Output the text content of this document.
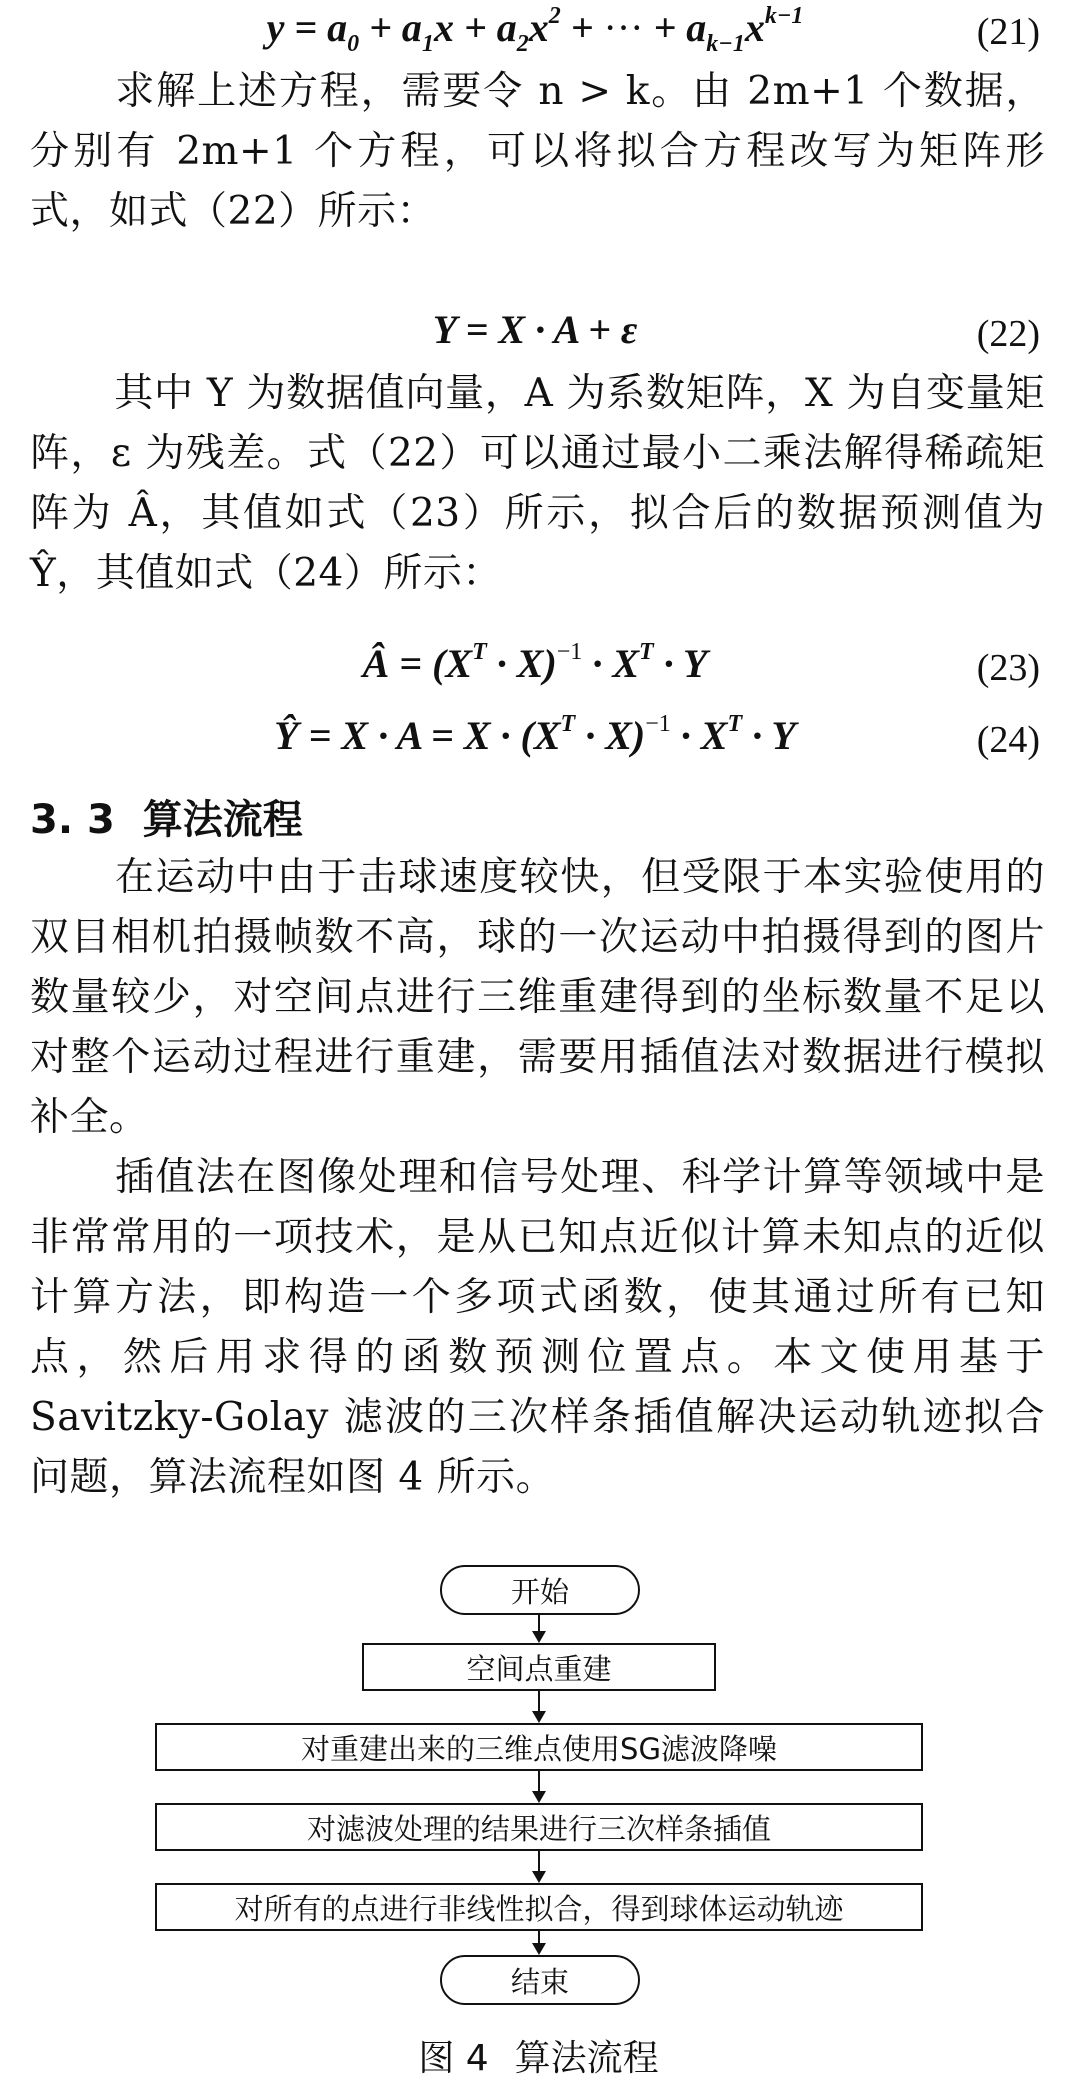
$y = a_0 + a_1x + a_2x^2$ + ··· + $a_{k-1}x^{k-1}$	(21)

求解上述方程，需要令 n > k。由 2m+1 个数据，分别有 2m+1 个方程，可以将拟合方程改写为矩阵形式，如式（22）所示：

Y = X · A + ε	(22)

其中 Y 为数据值向量，A 为系数矩阵，X 为自变量矩阵，ε 为残差。式（22）可以通过最小二乘法解得稀疏矩阵为 Â，其值如式（23）所示，拟合后的数据预测值为 Ŷ，其值如式（24）所示：

Â = $(X^T \cdot X)^{-1} \cdot X^T \cdot Y$	(23)
Ŷ = $X \cdot A = X \cdot (X^T \cdot X)^{-1} \cdot X^T \cdot Y$	(24)
3. 3 算法流程

在运动中由于击球速度较快，但受限于本实验使用的双目相机拍摄帧数不高，球的一次运动中拍摄得到的图片数量较少，对空间点进行三维重建得到的坐标数量不足以对整个运动过程进行重建，需要用插值法对数据进行模拟补全。

插值法在图像处理和信号处理、科学计算等领域中是非常常用的一项技术，是从已知点近似计算未知点的近似计算方法，即构造一个多项式函数，使其通过所有已知点，然后用求得的函数预测位置点。本文使用基于 Savitzky-Golay 滤波的三次样条插值解决运动轨迹拟合问题，算法流程如图 4 所示。

开始
空间点重建
对重建出来的三维点使用SG滤波降噪
对滤波处理的结果进行三次样条插值
对所有的点进行非线性拟合，得到球体运动轨迹
结束
图 4 算法流程
